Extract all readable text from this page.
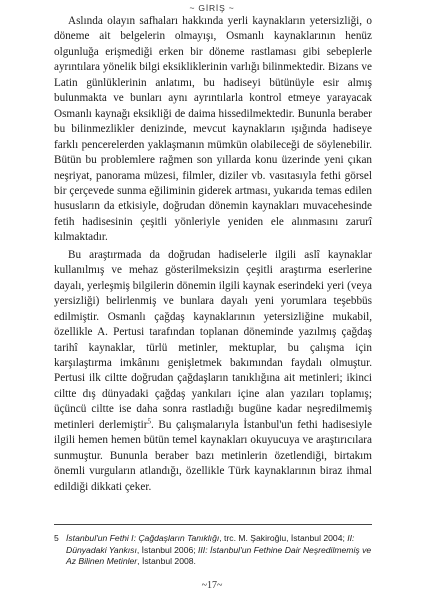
~ GİRİŞ ~

Aslında olayın safhaları hakkında yerli kaynakların yetersizliği, o döneme ait belgelerin olmayışı, Osmanlı kaynaklarının henüz olgunluğa erişmediği erken bir döneme rastlaması gibi sebeplerle ayrıntılara yönelik bilgi eksikliklerinin varlığı bilinmektedir. Bizans ve Latin günlüklerinin anlatımı, bu hadiseyi bütünüyle esir almış bulunmakta ve bunları aynı ayrıntılarla kontrol etmeye yarayacak Osmanlı kaynağı eksikliği de daima hissedilmektedir. Bununla beraber bu bilinmezlikler denizinde, mevcut kaynakların ışığında hadiseye farklı pencerelerden yaklaşmanın mümkün olabileceği de söylenebilir. Bütün bu problemlere rağmen son yıllarda konu üzerinde yeni çıkan neşriyat, panorama müzesi, filmler, diziler vb. vasıtasıyla fethi görsel bir çerçevede sunma eğiliminin giderek artması, yukarıda temas edilen hususların da etkisiyle, doğrudan dönemin kaynakları muvacehesinde fetih hadisesinin çeşitli yönleriyle yeniden ele alınmasını zarurî kılmaktadır.

Bu araştırmada da doğrudan hadiselerle ilgili aslî kaynaklar kullanılmış ve mehaz gösterilmeksizin çeşitli araştırma eserlerine dayalı, yerleşmiş bilgilerin dönemin ilgili kaynak eserindeki yeri (veya yersizliği) belirlenmiş ve bunlara dayalı yeni yorumlara teşebbüs edilmiştir. Osmanlı çağdaş kaynaklarının yetersizliğine mukabil, özellikle A. Pertusi tarafından toplanan döneminde yazılmış çağdaş tarihî kaynaklar, türlü metinler, mektuplar, bu çalışma için karşılaştırma imkânını genişletmek bakımından faydalı olmuştur. Pertusi ilk ciltte doğrudan çağdaşların tanıklığına ait metinleri; ikinci ciltte dış dünyadaki çağdaş yankıları içine alan yazıları toplamış; üçüncü ciltte ise daha sonra rastladığı bugüne kadar neşredilmemiş metinleri derlemiştir$^5$. Bu çalışmalarıyla İstanbul'un fethi hadisesiyle ilgili hemen hemen bütün temel kaynakları okuyucuya ve araştırıcılara sunmuştur. Bununla beraber bazı metinlerin özetlendiği, birtakım önemli vurguların atlandığı, özellikle Türk kaynaklarının biraz ihmal edildiği dikkati çeker.

5 İstanbul'un Fethi I: Çağdaşların Tanıklığı, trc. M. Şakiroğlu, İstanbul 2004; II: Dünyadaki Yankısı, İstanbul 2006; III: İstanbul'un Fethine Dair Neşredilmemiş ve Az Bilinen Metinler, İstanbul 2008.
~17~
